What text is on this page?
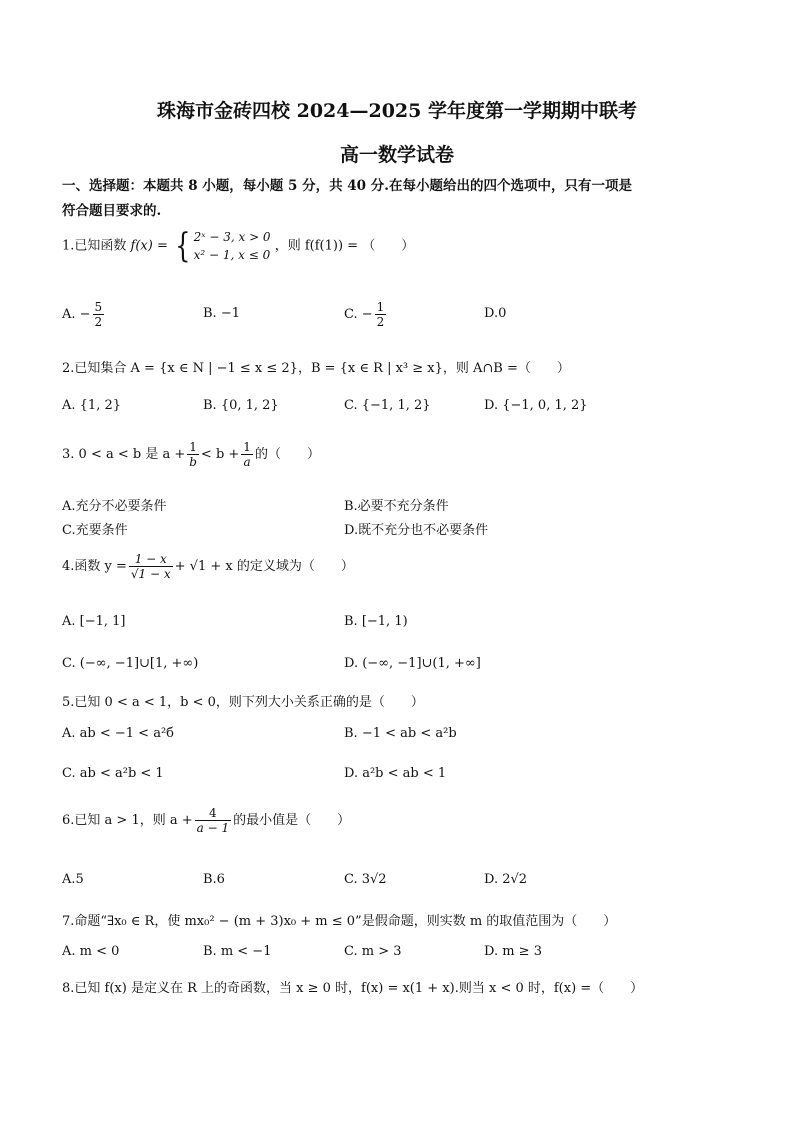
珠海市金砖四校 2024—2025 学年度第一学期期中联考
高一数学试卷
一、选择题：本题共 8 小题，每小题 5 分，共 40 分.在每小题给出的四个选项中，只有一项是
符合题目要求的.
1.已知函数 f(x) = { 2ˣ − 3, x > 0
x² − 1, x ≤ 0
，则 f(f(1)) = （　　）
A. − $\frac{5}{2}$	B. −1	C. − $\frac{1}{2}$	D.0
2.已知集合 A = {x ∈ N | −1 ≤ x ≤ 2}，B = {x ∈ R | x³ ≥ x}，则 A∩B =（　　）
A. {1, 2}	B. {0, 1, 2}	C. {−1, 1, 2}	D. {−1, 0, 1, 2}
3. 0 < a < b 是 $a + \frac{1}{b} < b + \frac{1}{a}$ 的（　　）
A.充分不必要条件	B.必要不充分条件
C.充要条件	D.既不充分也不必要条件
4.函数 $y = \frac{1 - x}{√1 - x} + √1 + x$ 的定义域为（　　）
A. [−1, 1]	B. [−1, 1)
C. (−∞, −1]∪[1, +∞)	D. (−∞, −1]∪(1, +∞]
5.已知 0 < a < 1，b < 0，则下列大小关系正确的是（　　）
A. ab < −1 < a²б	B. −1 < ab < a²b
C. ab < a²b < 1	D. a²b < ab < 1
6.已知 a > 1，则 $a + \frac{4}{a - 1}$ 的最小值是（　　）
A.5	B.6	C. 3√2	D. 2√2
7.命题“∃x₀ ∈ R，使 mx₀² − (m + 3)x₀ + m ≤ 0”是假命题，则实数 m 的取值范围为（　　）
A. m < 0	B. m < −1	C. m > 3	D. m ≥ 3
8.已知 f(x) 是定义在 R 上的奇函数，当 x ≥ 0 时，f(x) = x(1 + x).则当 x < 0 时，f(x) =（　　）
